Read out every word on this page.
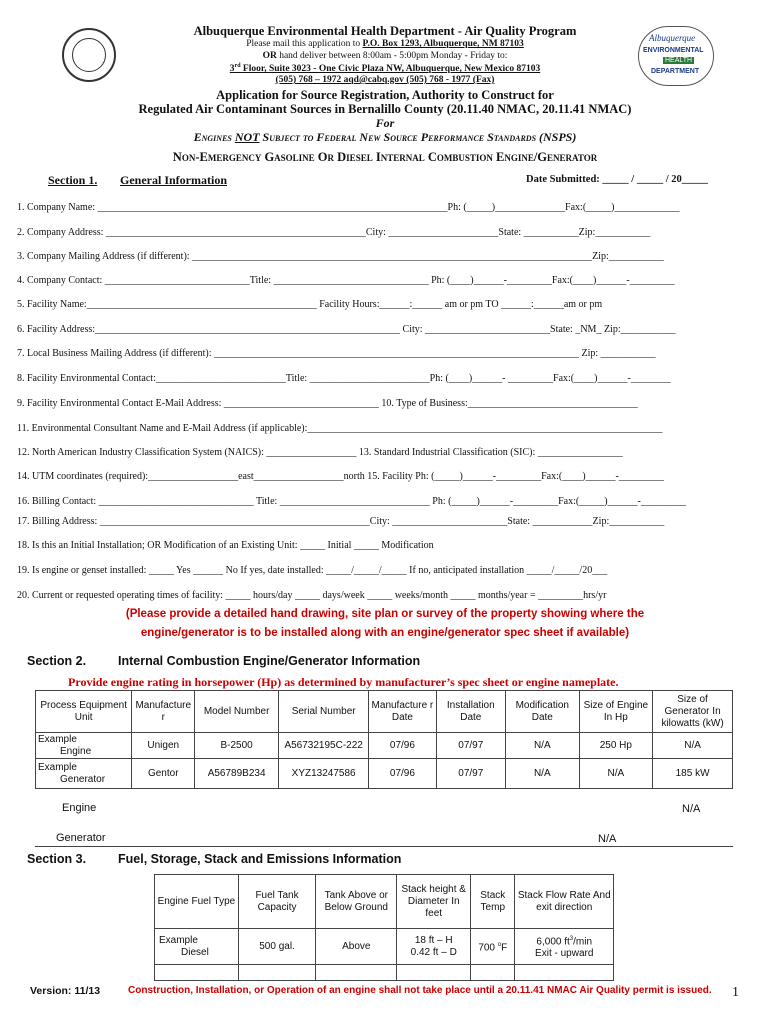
Albuquerque
ENVIRONMENTAL
HEALTH
DEPARTMENT
Albuquerque Environmental Health Department - Air Quality Program
Please mail this application to P.O. Box 1293, Albuquerque, NM 87103
OR hand deliver between 8:00am - 5:00pm Monday - Friday to:
3rd Floor, Suite 3023 - One Civic Plaza NW, Albuquerque, New Mexico 87103
(505) 768 – 1972 aqd@cabq.gov (505) 768 - 1977 (Fax)
Application for Source Registration, Authority to Construct for
Regulated Air Contaminant Sources in Bernalillo County (20.11.40 NMAC, 20.11.41 NMAC)
For
Engines NOT Subject to Federal New Source Performance Standards (NSPS)
Non-Emergency Gasoline Or Diesel Internal Combustion Engine/Generator
Section 1. General Information	Date Submitted: _____ / _____ / 20_____
1. Company Name: ______________________________________________________________________Ph: (_____)______________Fax:(_____)_____________
2. Company Address: ____________________________________________________City: ______________________State: ___________Zip:___________
3. Company Mailing Address (if different): ________________________________________________________________________________Zip:___________
4. Company Contact: _____________________________Title: _______________________________ Ph: (____)______-_________Fax:(____)______-_________
5. Facility Name:______________________________________________ Facility Hours:______:______ am or pm TO ______:______am or pm
6. Facility Address:_____________________________________________________________ City: _________________________State: _NM_ Zip:___________
7. Local Business Mailing Address (if different): _________________________________________________________________________ Zip: ___________
8. Facility Environmental Contact:__________________________Title: ________________________Ph: (____)______- _________Fax:(____)______-________
9. Facility Environmental Contact E-Mail Address: _______________________________ 10. Type of Business:__________________________________
11. Environmental Consultant Name and E-Mail Address (if applicable):_______________________________________________________________________
12. North American Industry Classification System (NAICS): __________________ 13. Standard Industrial Classification (SIC): _________________
14. UTM coordinates (required):__________________east__________________north 15. Facility Ph: (_____)______-_________Fax:(____)______-_________
16. Billing Contact: _______________________________ Title: ______________________________ Ph: (_____)______-_________Fax:(_____)______-_________
17. Billing Address: ______________________________________________________City: _______________________State: ____________Zip:___________
18. Is this an Initial Installation; OR Modification of an Existing Unit: _____ Initial _____ Modification
19. Is engine or genset installed: _____ Yes ______ No If yes, date installed: _____/_____/_____ If no, anticipated installation _____/_____/20___
20. Current or requested operating times of facility: _____ hours/day _____ days/week _____ weeks/month _____ months/year = _________hrs/yr
(Please provide a detailed hand drawing, site plan or survey of the property showing where the
engine/generator is to be installed along with an engine/generator spec sheet if available)
Section 2.	Internal Combustion Engine/Generator Information
Provide engine rating in horsepower (Hp) as determined by manufacturer’s spec sheet or engine nameplate.
Process Equipment Unit	Manufacture r	Model Number	Serial Number	Manufacture r Date	Installation Date	Modification Date	Size of Engine In Hp	Size of Generator In kilowatts (kW)
Example
Engine	Unigen	B-2500	A56732195C-222	07/96	07/97	N/A	250 Hp	N/A
Example
Generator	Gentor	A56789B234	XYZ13247586	07/96	07/97	N/A	N/A	185 kW
Engine	N/A
Generator	N/A
Section 3.	Fuel, Storage, Stack and Emissions Information
Engine Fuel Type	Fuel Tank Capacity	Tank Above or Below Ground	Stack height & Diameter In feet	Stack Temp	Stack Flow Rate And exit direction
Example
Diesel	500 gal.	Above	18 ft – H
0.42 ft – D	700 $^o$F	6,000 $ft^3/\min$
Exit - upward

Version: 11/13	Construction, Installation, or Operation of an engine shall not take place until a 20.11.41 NMAC Air Quality permit is issued. 1
